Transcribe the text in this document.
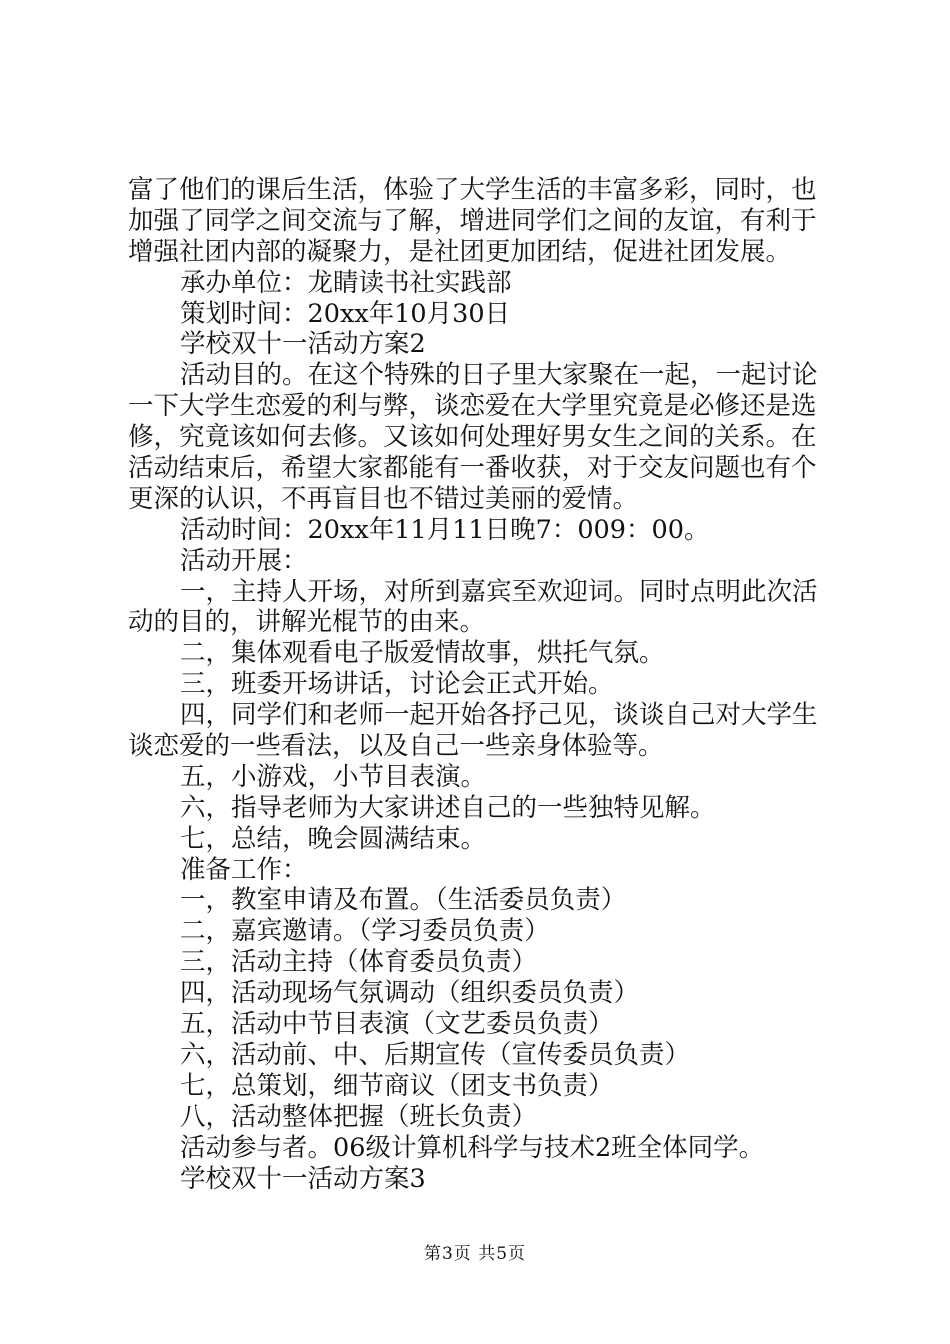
富了他们的课后生活，体验了大学生活的丰富多彩，同时，也
加强了同学之间交流与了解，增进同学们之间的友谊，有利于
增强社团内部的凝聚力，是社团更加团结，促进社团发展。
承办单位：龙睛读书社实践部
策划时间：20xx年10月30日
学校双十一活动方案2
活动目的。在这个特殊的日子里大家聚在一起，一起讨论
一下大学生恋爱的利与弊，谈恋爱在大学里究竟是必修还是选
修，究竟该如何去修。又该如何处理好男女生之间的关系。在
活动结束后，希望大家都能有一番收获，对于交友问题也有个
更深的认识，不再盲目也不错过美丽的爱情。
活动时间：20xx年11月11日晚7：009：00。
活动开展：
一，主持人开场，对所到嘉宾至欢迎词。同时点明此次活
动的目的，讲解光棍节的由来。
二，集体观看电子版爱情故事，烘托气氛。
三，班委开场讲话，讨论会正式开始。
四，同学们和老师一起开始各抒己见，谈谈自己对大学生
谈恋爱的一些看法，以及自己一些亲身体验等。
五，小游戏，小节目表演。
六，指导老师为大家讲述自己的一些独特见解。
七，总结，晚会圆满结束。
准备工作：
一，教室申请及布置。（生活委员负责）
二，嘉宾邀请。（学习委员负责）
三，活动主持（体育委员负责）
四，活动现场气氛调动（组织委员负责）
五，活动中节目表演（文艺委员负责）
六，活动前、中、后期宣传（宣传委员负责）
七，总策划，细节商议（团支书负责）
八，活动整体把握（班长负责）
活动参与者。06级计算机科学与技术2班全体同学。
学校双十一活动方案3
第3页 共5页
